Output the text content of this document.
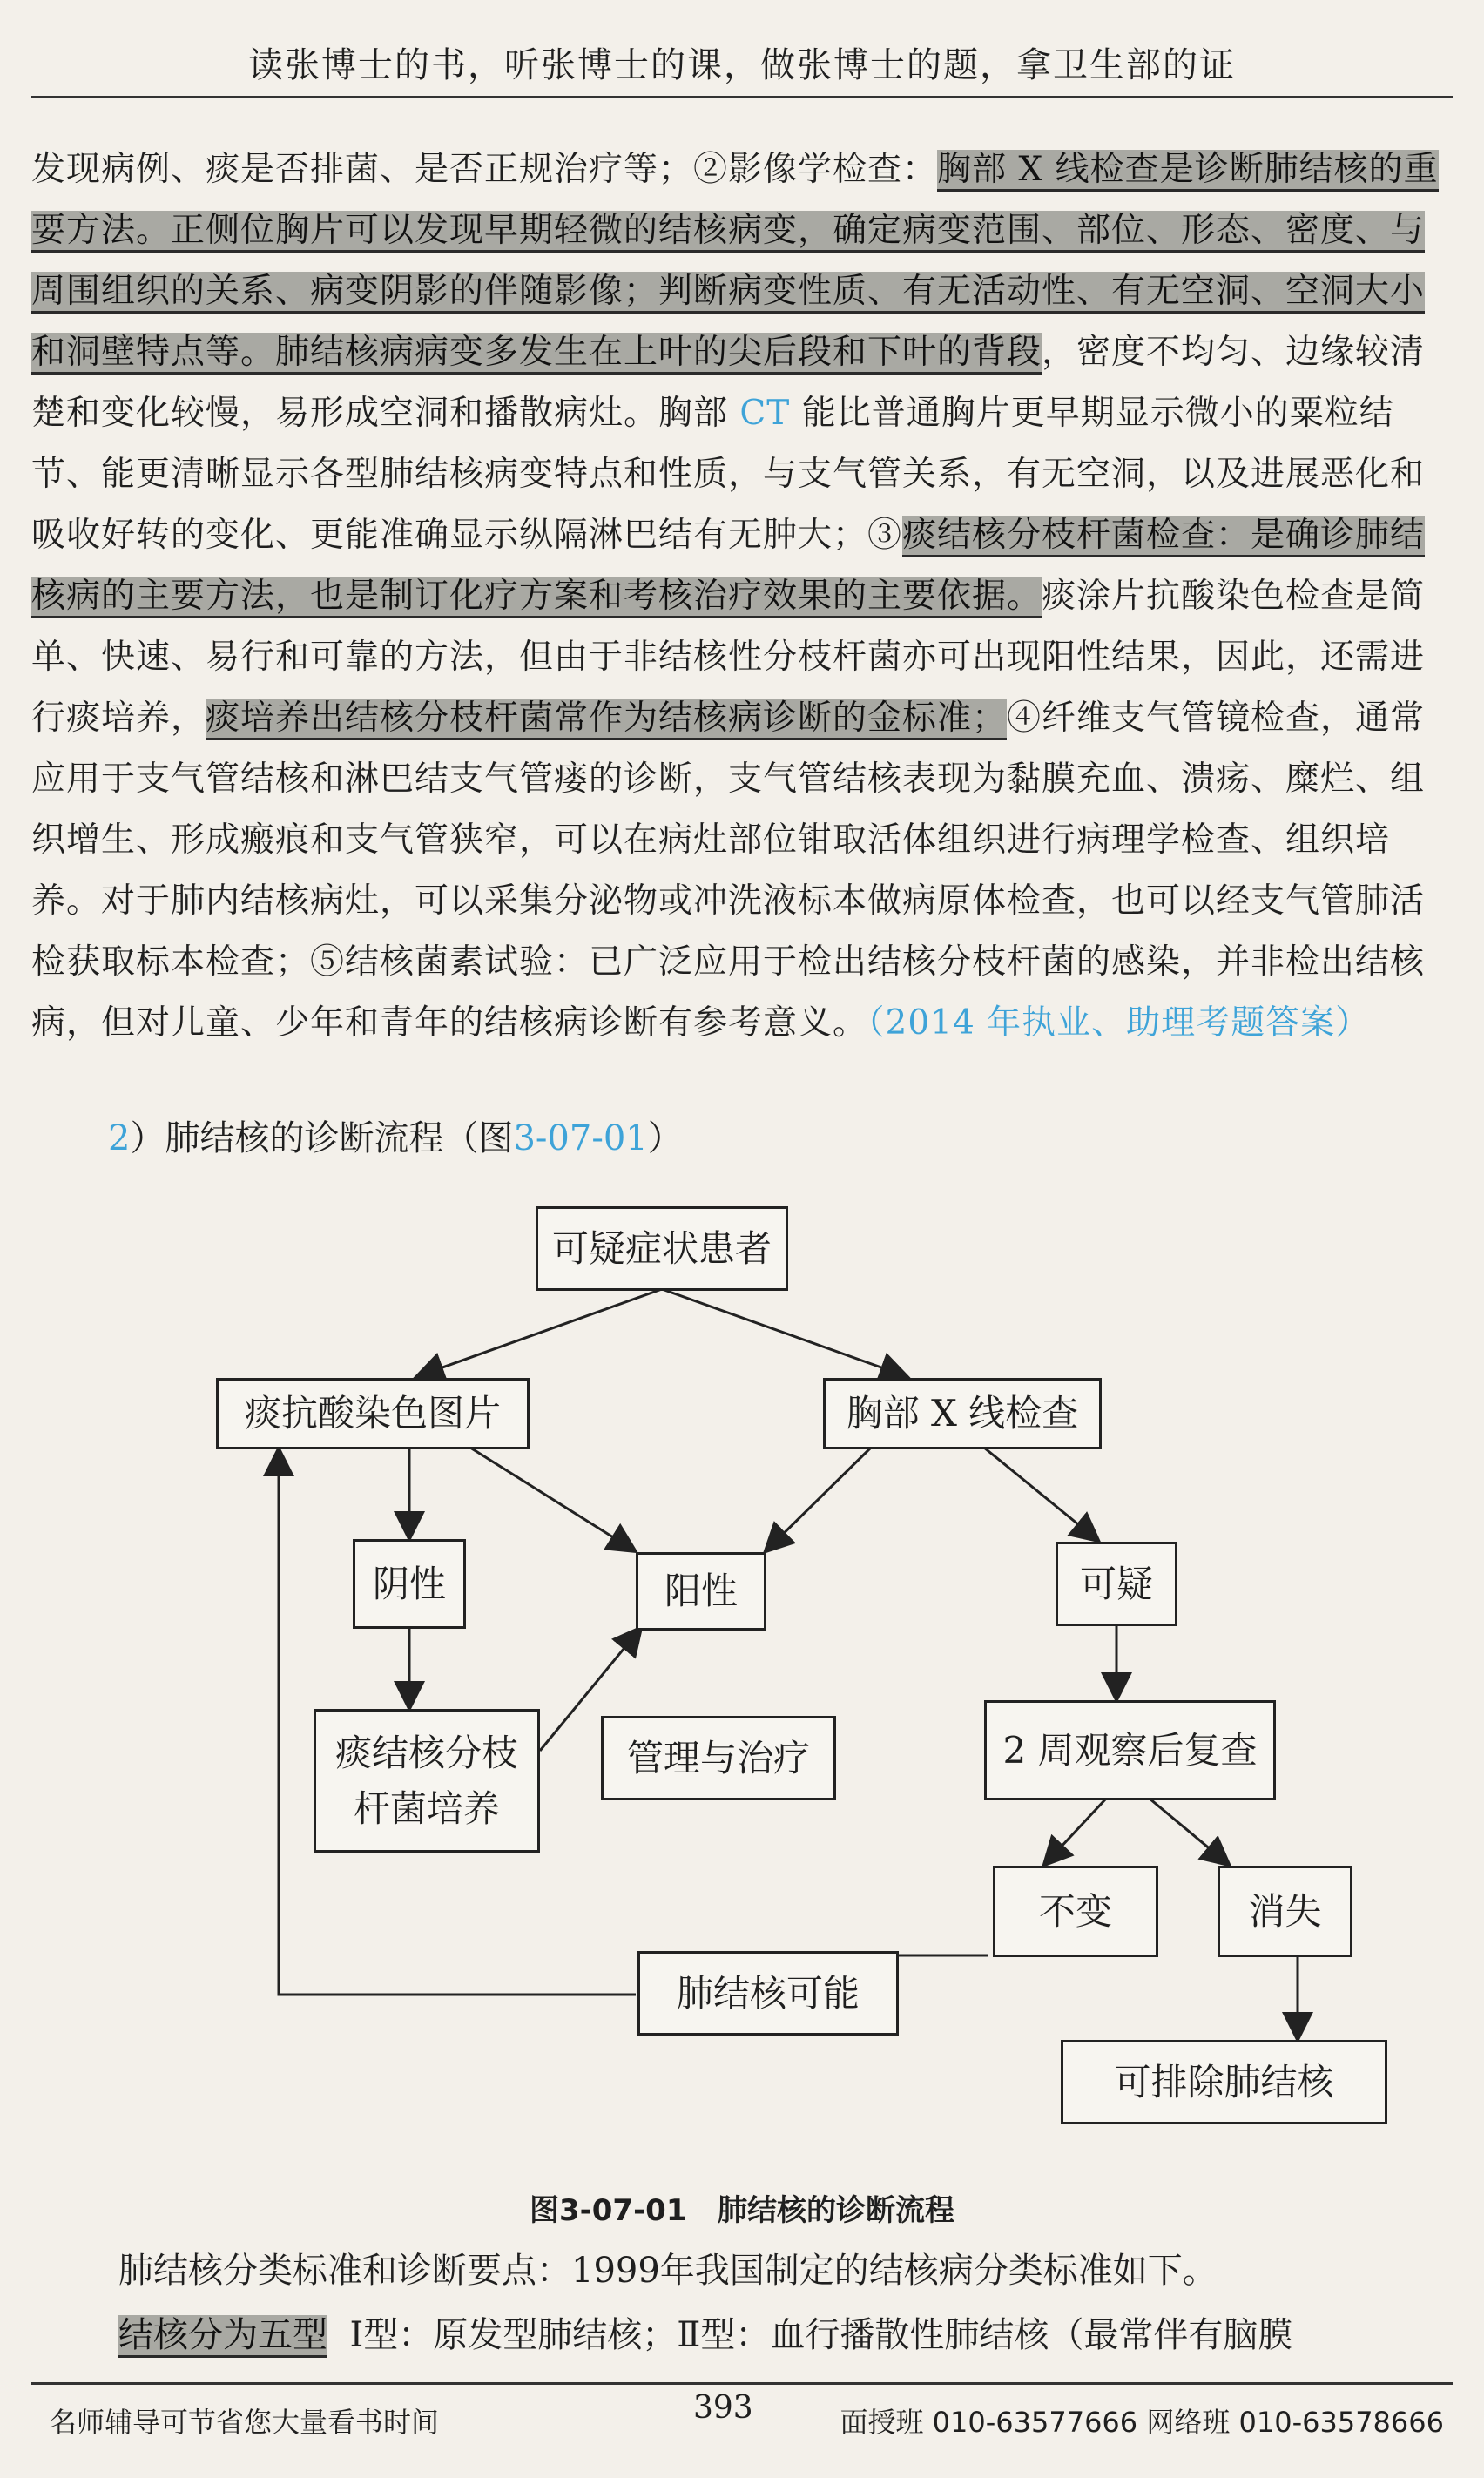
读张博士的书，听张博士的课，做张博士的题，拿卫生部的证

发现病例、痰是否排菌、是否正规治疗等；②影像学检查：胸部 X 线检查是诊断肺结核的重要方法。正侧位胸片可以发现早期轻微的结核病变，确定病变范围、部位、形态、密度、与周围组织的关系、病变阴影的伴随影像；判断病变性质、有无活动性、有无空洞、空洞大小和洞壁特点等。肺结核病病变多发生在上叶的尖后段和下叶的背段，密度不均匀、边缘较清楚和变化较慢，易形成空洞和播散病灶。胸部 CT 能比普通胸片更早期显示微小的粟粒结节、能更清晰显示各型肺结核病变特点和性质，与支气管关系，有无空洞，以及进展恶化和吸收好转的变化、更能准确显示纵隔淋巴结有无肿大；③痰结核分枝杆菌检查：是确诊肺结核病的主要方法，也是制订化疗方案和考核治疗效果的主要依据。痰涂片抗酸染色检查是简单、快速、易行和可靠的方法，但由于非结核性分枝杆菌亦可出现阳性结果，因此，还需进行痰培养，痰培养出结核分枝杆菌常作为结核病诊断的金标准；④纤维支气管镜检查，通常应用于支气管结核和淋巴结支气管瘘的诊断，支气管结核表现为黏膜充血、溃疡、糜烂、组织增生、形成瘢痕和支气管狭窄，可以在病灶部位钳取活体组织进行病理学检查、组织培养。对于肺内结核病灶，可以采集分泌物或冲洗液标本做病原体检查，也可以经支气管肺活检获取标本检查；⑤结核菌素试验：已广泛应用于检出结核分枝杆菌的感染，并非检出结核病，但对儿童、少年和青年的结核病诊断有参考意义。（2014 年执业、助理考题答案）

2）肺结核的诊断流程（图3-07-01）
可疑症状患者
痰抗酸染色图片	胸部 X 线检查
阴性	阳性	可疑
痰结核分枝
杆菌培养
管理与治疗	2 周观察后复查
不变	消失
肺结核可能
可排除肺结核
图3-07-01 肺结核的诊断流程
肺结核分类标准和诊断要点：1999年我国制定的结核病分类标准如下。
结核分为五型 Ⅰ型：原发型肺结核；Ⅱ型：血行播散性肺结核（最常伴有脑膜
名师辅导可节省您大量看书时间	393	面授班 010-63577666 网络班 010-63578666
